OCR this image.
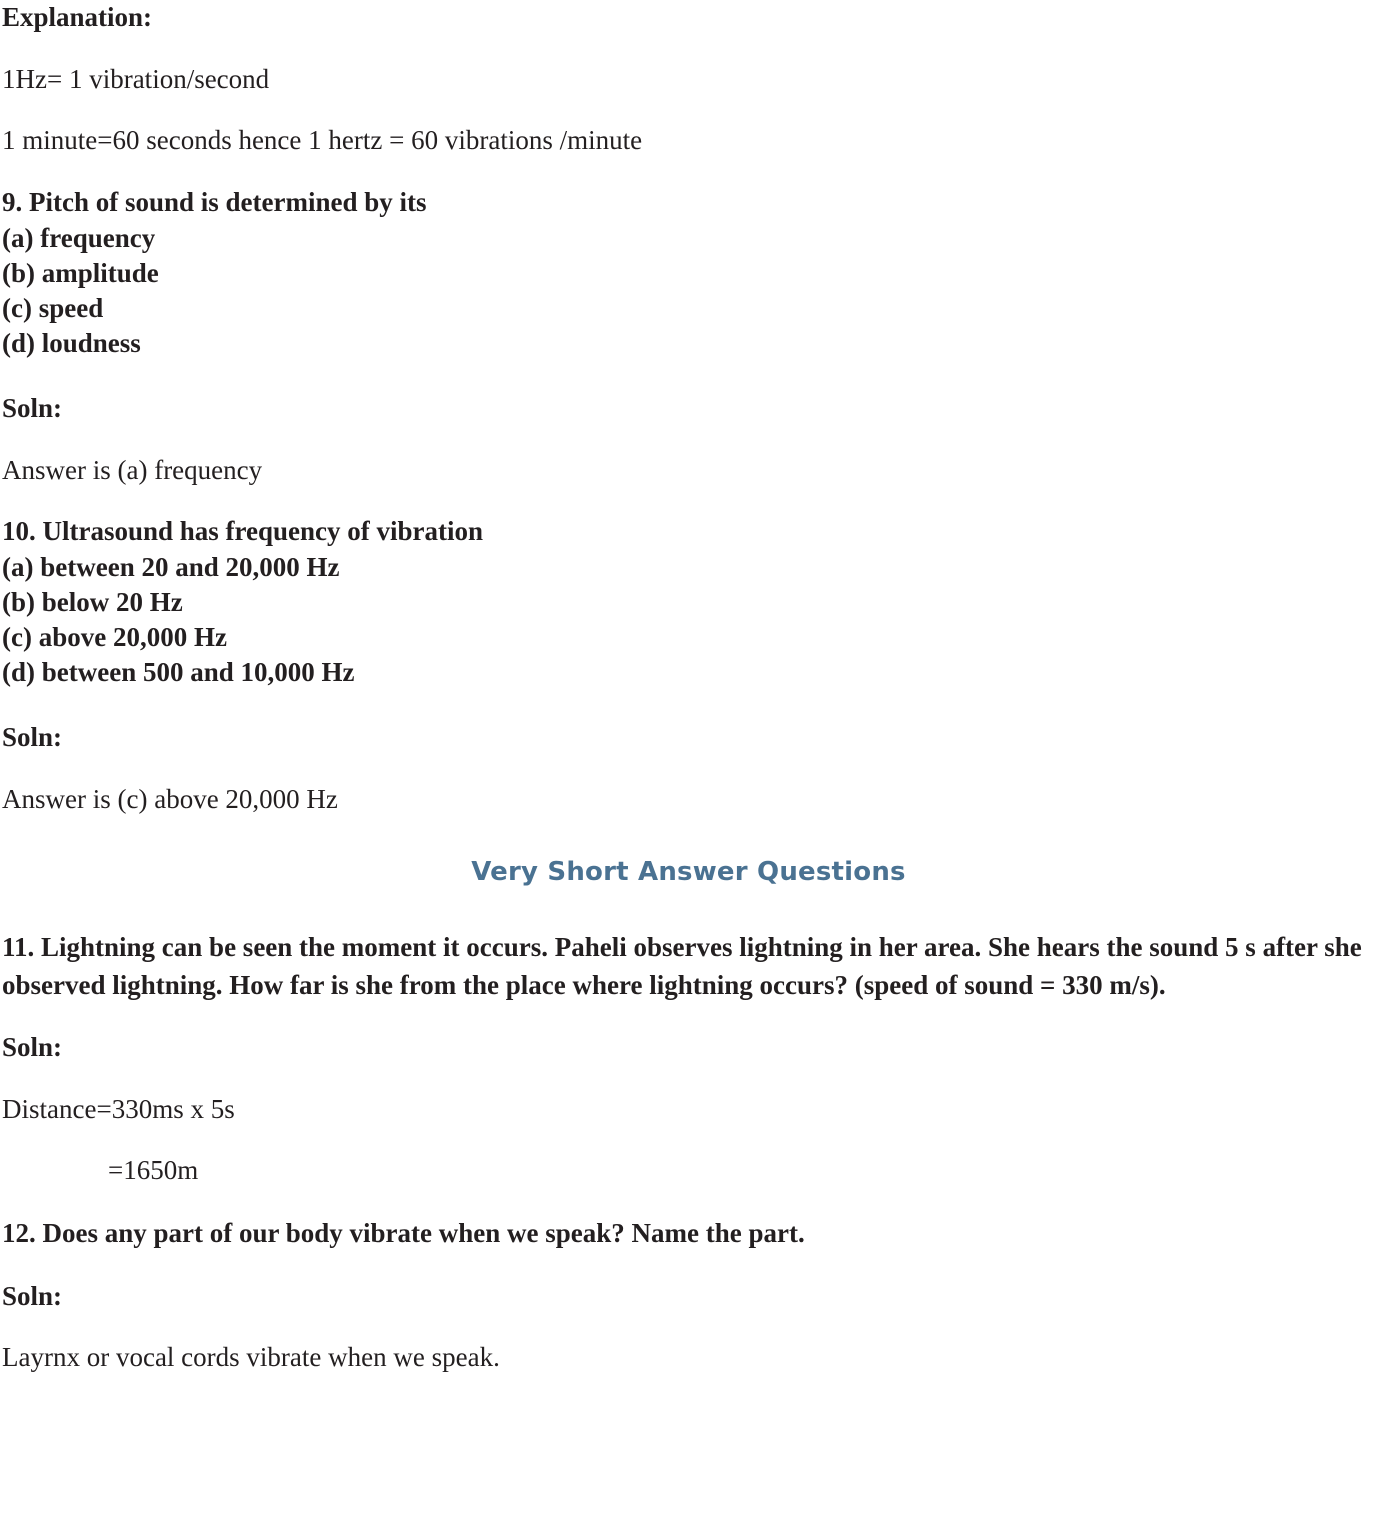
Explanation:
1Hz= 1 vibration/second
1 minute=60 seconds hence 1 hertz = 60 vibrations /minute
9. Pitch of sound is determined by its
(a) frequency
(b) amplitude
(c) speed
(d) loudness
Soln:
Answer is (a) frequency
10. Ultrasound has frequency of vibration
(a) between 20 and 20,000 Hz
(b) below 20 Hz
(c) above 20,000 Hz
(d) between 500 and 10,000 Hz
Soln:
Answer is (c) above 20,000 Hz
Very Short Answer Questions
11. Lightning can be seen the moment it occurs. Paheli observes lightning in her area. She hears the sound 5 s after she observed lightning. How far is she from the place where lightning occurs? (speed of sound = 330 m/s).
Soln:
Distance=330ms x 5s
=1650m
12. Does any part of our body vibrate when we speak? Name the part.
Soln:
Layrnx or vocal cords vibrate when we speak.
